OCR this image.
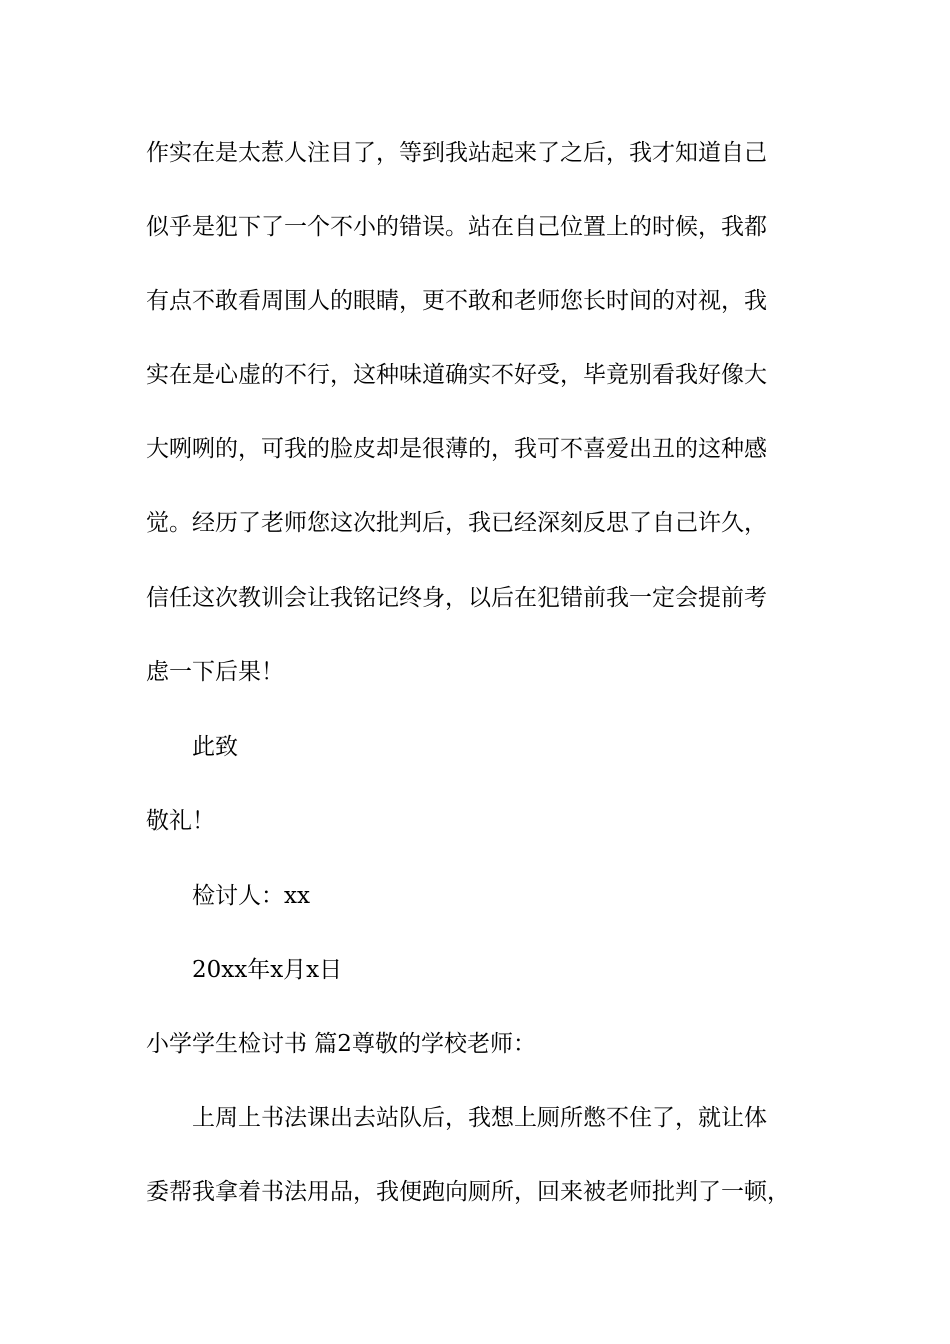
作实在是太惹人注目了，等到我站起来了之后，我才知道自己
似乎是犯下了一个不小的错误。站在自己位置上的时候，我都
有点不敢看周围人的眼睛，更不敢和老师您长时间的对视，我
实在是心虚的不行，这种味道确实不好受，毕竟别看我好像大
大咧咧的，可我的脸皮却是很薄的，我可不喜爱出丑的这种感
觉。经历了老师您这次批判后，我已经深刻反思了自己许久，
信任这次教训会让我铭记终身，以后在犯错前我一定会提前考
虑一下后果！
此致
敬礼！
检讨人：xx
20xx年x月x日
小学学生检讨书 篇2尊敬的学校老师：
上周上书法课出去站队后，我想上厕所憋不住了，就让体
委帮我拿着书法用品，我便跑向厕所，回来被老师批判了一顿，
